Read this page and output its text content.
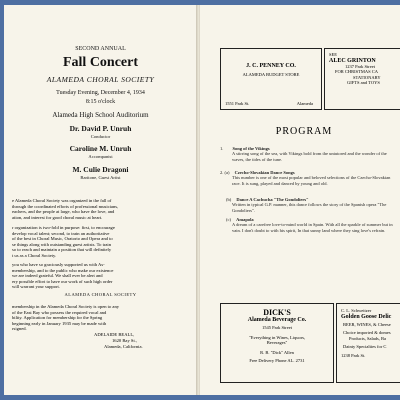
SECOND ANNUAL
Fall Concert
ALAMEDA CHORAL SOCIETY
Tuesday Evening, December 4, 1934
8:15 o'clock
Alameda High School Auditorium
Dr. David P. Unruh
Conductor
Caroline M. Unruh
Accompanist
M. Culie Dragoni
Baritone, Guest Artist
e Alameda Choral Society was organized in the fall of
through the coordinated efforts of professional musicians,
eachers, and the people at large, who have the love, and
ation, and interest for good choral music at heart.
r organization is two-fold in purpose: first, to encourage
develop vocal talent; second, to train an authoritative
of the best in Choral Music, Oratorio and Opera and to
se things along with outstanding guest artists. To train
so to reach and maintain a position that will definitely
t us as a Choral Society.
you who have so graciously supported us with As-
membership, and to the public who make our existence
we are indeed grateful. We shall ever be alert and
ery possible effort to have our work of such high order
will warrant your support.
ALAMEDA CHORAL SOCIETY
membership in the Alameda Choral Society is open to any
of the East Bay who possess the required vocal and
bility. Application for membership for the Spring
beginning early in January 1935 may be made with
rsigned.
ADELAIDE BEALL,
1620 Bay St.,
Alameda, California.
J. C. PENNEY CO.
ALAMEDA BUDGET STORE
1551 Park St.	Alameda
SEE
ALEC GRINTON
1237 Park Street
FOR CHRISTMAS CA
STATIONARY
GIFTS and TOYS
PROGRAM
1. Song of the Vikings
A stirring song of the sea, with Vikings bold from the untutored and the wonder of the waves, the tides of the tune.
2. (a) Czecho-Slovakian Dance Songs
This number is one of the most popular and beloved selections of the Czecho-Slovakian race. It is sung, played and danced by young and old.
(b) Dance A Cachucha "The Gondoliers"
Written in typical G.P. manner, this dance follows the story of the Spanish opera "The Gondoliers".
(c) Amapola
A dream of a carefree love-to-mind world in Spain. With all the sparkle of summer but in vain. I don't doubt to with his spirit, In that sunny land where they sing love's refrain.
DICK'S
Alameda Beverage Co.
1545 Park Street
"Everything in Wines, Liquors,
Beverages"
R. B. "Dick" Allen
Free Delivery Phone AL. 2731
C. L. Schweitzer
Golden Goose Delic
BEER, WINES, & Cheese
Choice imported & domes
Products, Salads, Ba
Dainty Specialties for C
1238 Park St.
